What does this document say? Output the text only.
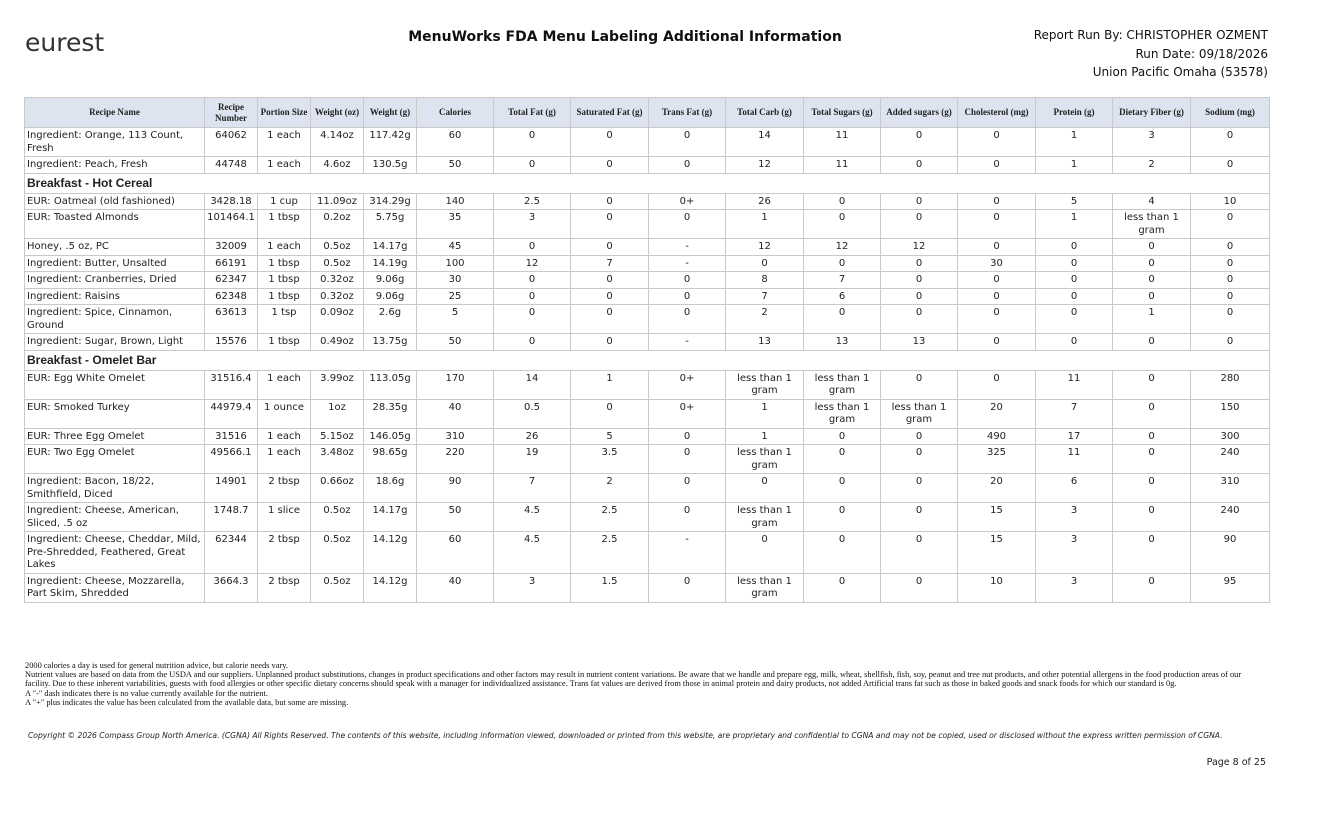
eurest	MenuWorks FDA Menu Labeling Additional Information	Report Run By: CHRISTOPHER OZMENT
Run Date: 09/18/2026
Union Pacific Omaha (53578)
Recipe Name	Recipe Number	Portion Size	Weight (oz)	Weight (g)	Calories	Total Fat (g)	Saturated Fat (g)	Trans Fat (g)	Total Carb (g)	Total Sugars (g)	Added sugars (g)	Cholesterol (mg)	Protein (g)	Dietary Fiber (g)	Sodium (mg)
Ingredient: Orange, 113 Count, Fresh	64062	1 each	4.14oz	117.42g	60	0	0	0	14	11	0	0	1	3	0
Ingredient: Peach, Fresh	44748	1 each	4.6oz	130.5g	50	0	0	0	12	11	0	0	1	2	0
Breakfast - Hot Cereal															
EUR: Oatmeal (old fashioned)	3428.18	1 cup	11.09oz	314.29g	140	2.5	0	0+	26	0	0	0	5	4	10
EUR: Toasted Almonds	101464.1	1 tbsp	0.2oz	5.75g	35	3	0	0	1	0	0	0	1	less than 1 gram	0
Honey, .5 oz, PC	32009	1 each	0.5oz	14.17g	45	0	0	-	12	12	12	0	0	0	0
Ingredient: Butter, Unsalted	66191	1 tbsp	0.5oz	14.19g	100	12	7	-	0	0	0	30	0	0	0
Ingredient: Cranberries, Dried	62347	1 tbsp	0.32oz	9.06g	30	0	0	0	8	7	0	0	0	0	0
Ingredient: Raisins	62348	1 tbsp	0.32oz	9.06g	25	0	0	0	7	6	0	0	0	0	0
Ingredient: Spice, Cinnamon, Ground	63613	1 tsp	0.09oz	2.6g	5	0	0	0	2	0	0	0	0	1	0
Ingredient: Sugar, Brown, Light	15576	1 tbsp	0.49oz	13.75g	50	0	0	-	13	13	13	0	0	0	0
Breakfast - Omelet Bar															
EUR: Egg White Omelet	31516.4	1 each	3.99oz	113.05g	170	14	1	0+	less than 1 gram	less than 1 gram	0	0	11	0	280
EUR: Smoked Turkey	44979.4	1 ounce	1oz	28.35g	40	0.5	0	0+	1	less than 1 gram	less than 1 gram	20	7	0	150
EUR: Three Egg Omelet	31516	1 each	5.15oz	146.05g	310	26	5	0	1	0	0	490	17	0	300
EUR: Two Egg Omelet	49566.1	1 each	3.48oz	98.65g	220	19	3.5	0	less than 1 gram	0	0	325	11	0	240
Ingredient: Bacon, 18/22, Smithfield, Diced	14901	2 tbsp	0.66oz	18.6g	90	7	2	0	0	0	0	20	6	0	310
Ingredient: Cheese, American, Sliced, .5 oz	1748.7	1 slice	0.5oz	14.17g	50	4.5	2.5	0	less than 1 gram	0	0	15	3	0	240
Ingredient: Cheese, Cheddar, Mild, Pre-Shredded, Feathered, Great Lakes	62344	2 tbsp	0.5oz	14.12g	60	4.5	2.5	-	0	0	0	15	3	0	90
Ingredient: Cheese, Mozzarella, Part Skim, Shredded	3664.3	2 tbsp	0.5oz	14.12g	40	3	1.5	0	less than 1 gram	0	0	10	3	0	95
2000 calories a day is used for general nutrition advice, but calorie needs vary.
Nutrient values are based on data from the USDA and our suppliers. Unplanned product substitutions, changes in product specifications and other factors may result in nutrient content variations. Be aware that we handle and prepare egg, milk, wheat, shellfish, fish, soy, peanut and tree nut products, and other potential allergens in the food production areas of our facility. Due to these inherent variabilities, guests with food allergies or other specific dietary concerns should speak with a manager for individualized assistance. Trans fat values are derived from those in animal protein and dairy products, not added Artificial trans fat such as those in baked goods and snack foods for which our standard is 0g.
A "-" dash indicates there is no value currently available for the nutrient.
A "+" plus indicates the value has been calculated from the available data, but some are missing.
Copyright © 2026 Compass Group North America. (CGNA) All Rights Reserved. The contents of this website, including information viewed, downloaded or printed from this website, are proprietary and confidential to CGNA and may not be copied, used or disclosed without the express written permission of CGNA.
Page 8 of 25
